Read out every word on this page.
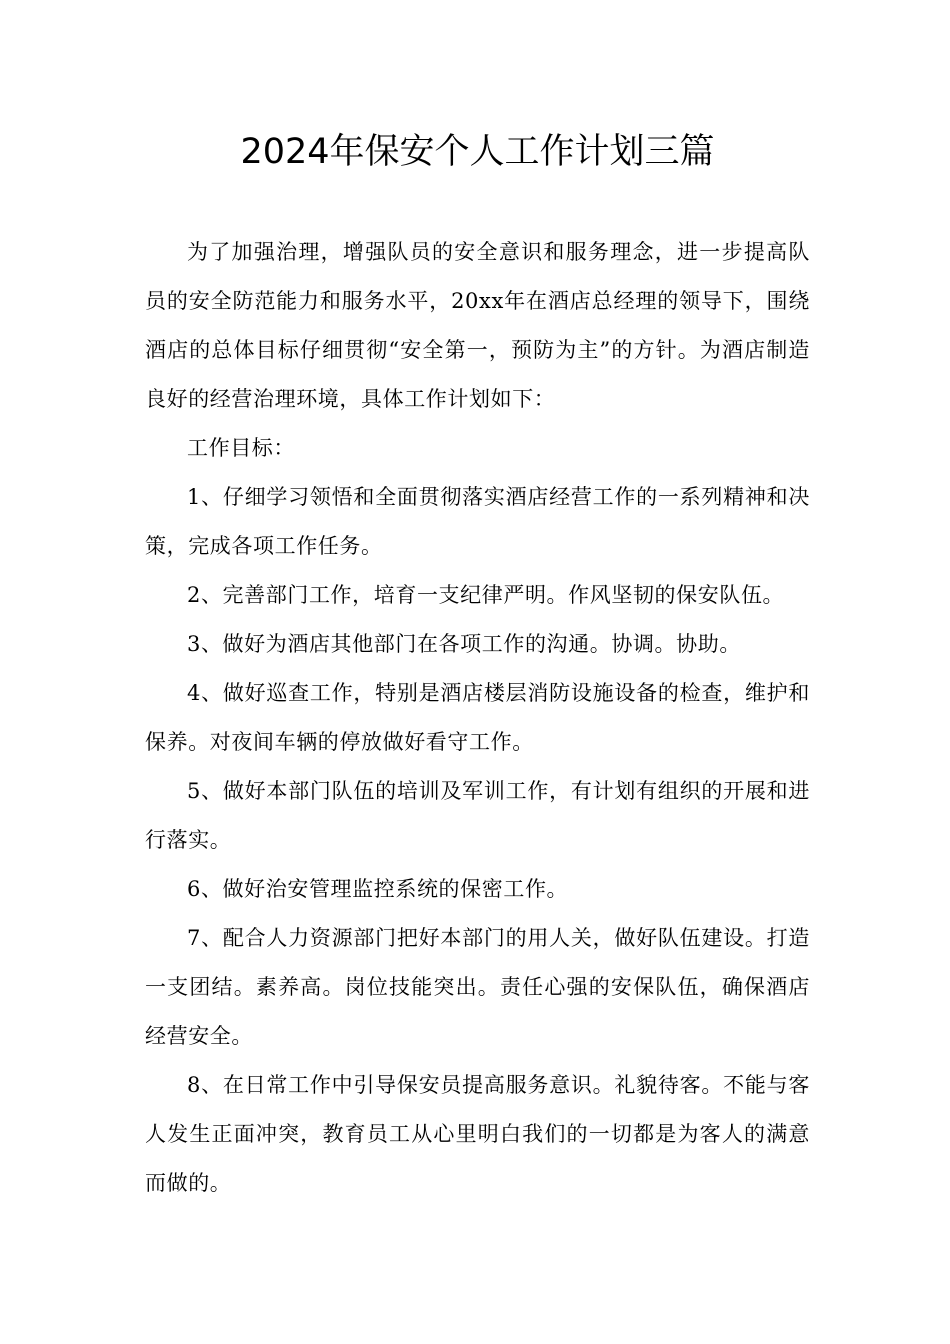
2024年保安个人工作计划三篇

为了加强治理，增强队员的安全意识和服务理念，进一步提高队员的安全防范能力和服务水平，20xx年在酒店总经理的领导下，围绕酒店的总体目标仔细贯彻“安全第一，预防为主”的方针。为酒店制造良好的经营治理环境，具体工作计划如下：

工作目标：

1、仔细学习领悟和全面贯彻落实酒店经营工作的一系列精神和决策，完成各项工作任务。

2、完善部门工作，培育一支纪律严明。作风坚韧的保安队伍。

3、做好为酒店其他部门在各项工作的沟通。协调。协助。

4、做好巡查工作，特别是酒店楼层消防设施设备的检查，维护和保养。对夜间车辆的停放做好看守工作。

5、做好本部门队伍的培训及军训工作，有计划有组织的开展和进行落实。

6、做好治安管理监控系统的保密工作。

7、配合人力资源部门把好本部门的用人关，做好队伍建设。打造一支团结。素养高。岗位技能突出。责任心强的安保队伍，确保酒店经营安全。

8、在日常工作中引导保安员提高服务意识。礼貌待客。不能与客人发生正面冲突，教育员工从心里明白我们的一切都是为客人的满意而做的。
